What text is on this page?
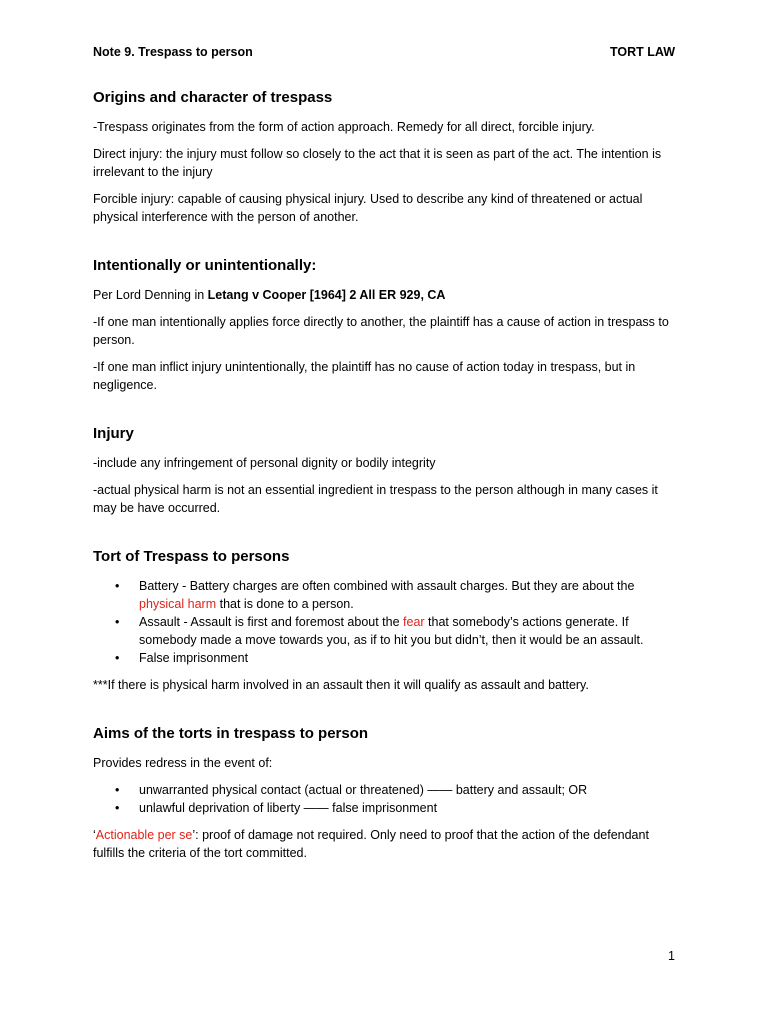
Note 9. Trespass to person	TORT LAW
Origins and character of trespass

-Trespass originates from the form of action approach. Remedy for all direct, forcible injury.

Direct injury: the injury must follow so closely to the act that it is seen as part of the act. The intention is irrelevant to the injury

Forcible injury: capable of causing physical injury. Used to describe any kind of threatened or actual physical interference with the person of another.

Intentionally or unintentionally:

Per Lord Denning in Letang v Cooper [1964] 2 All ER 929, CA

-If one man intentionally applies force directly to another, the plaintiff has a cause of action in trespass to person.

-If one man inflict injury unintentionally, the plaintiff has no cause of action today in trespass, but in negligence.

Injury

-include any infringement of personal dignity or bodily integrity

-actual physical harm is not an essential ingredient in trespass to the person although in many cases it may be have occurred.

Tort of Trespass to persons
• Battery - Battery charges are often combined with assault charges. But they are about the physical harm that is done to a person.
• Assault - Assault is first and foremost about the fear that somebody’s actions generate. If somebody made a move towards you, as if to hit you but didn’t, then it would be an assault.
• False imprisonment

***If there is physical harm involved in an assault then it will qualify as assault and battery.

Aims of the torts in trespass to person

Provides redress in the event of:

• unwarranted physical contact (actual or threatened) —— battery and assault; OR
• unlawful deprivation of liberty —— false imprisonment

‘Actionable per se’: proof of damage not required. Only need to proof that the action of the defendant fulfills the criteria of the tort committed.

1
